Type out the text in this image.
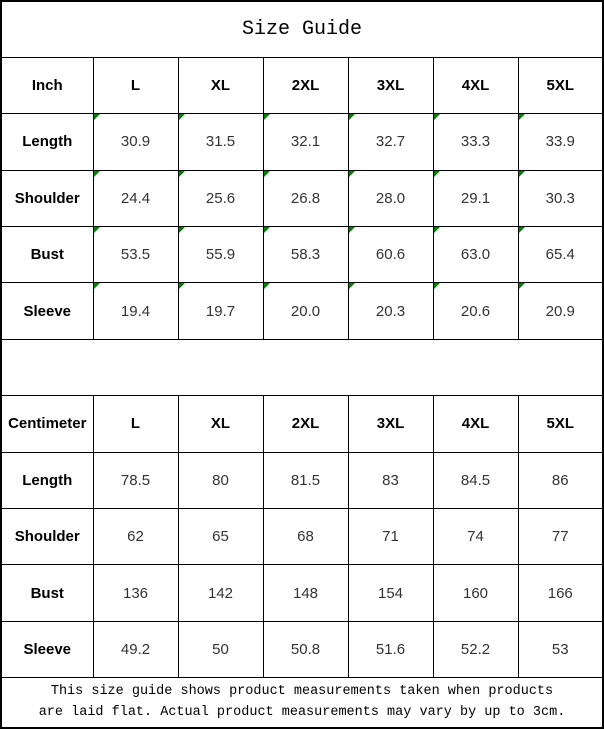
Size Guide						
Inch	L	XL	2XL	3XL	4XL	5XL
Length	30.9	31.5	32.1	32.7	33.3	33.9

Shoulder	24.4	25.6	26.8	28.0	29.1	30.3

Bust	53.5	55.9	58.3	60.6	63.0	65.4

Sleeve	19.4	19.7	20.0	20.3	20.6	20.9

Centimeter	L	XL	2XL	3XL	4XL	5XL
Length	78.5	80	81.5	83	84.5	86
Shoulder	62	65	68	71	74	77
Bust	136	142	148	154	160	166
Sleeve	49.2	50	50.8	51.6	52.2	53

This size guide shows product measurements taken when products
are laid flat. Actual product measurements may vary by up to 3cm.						
